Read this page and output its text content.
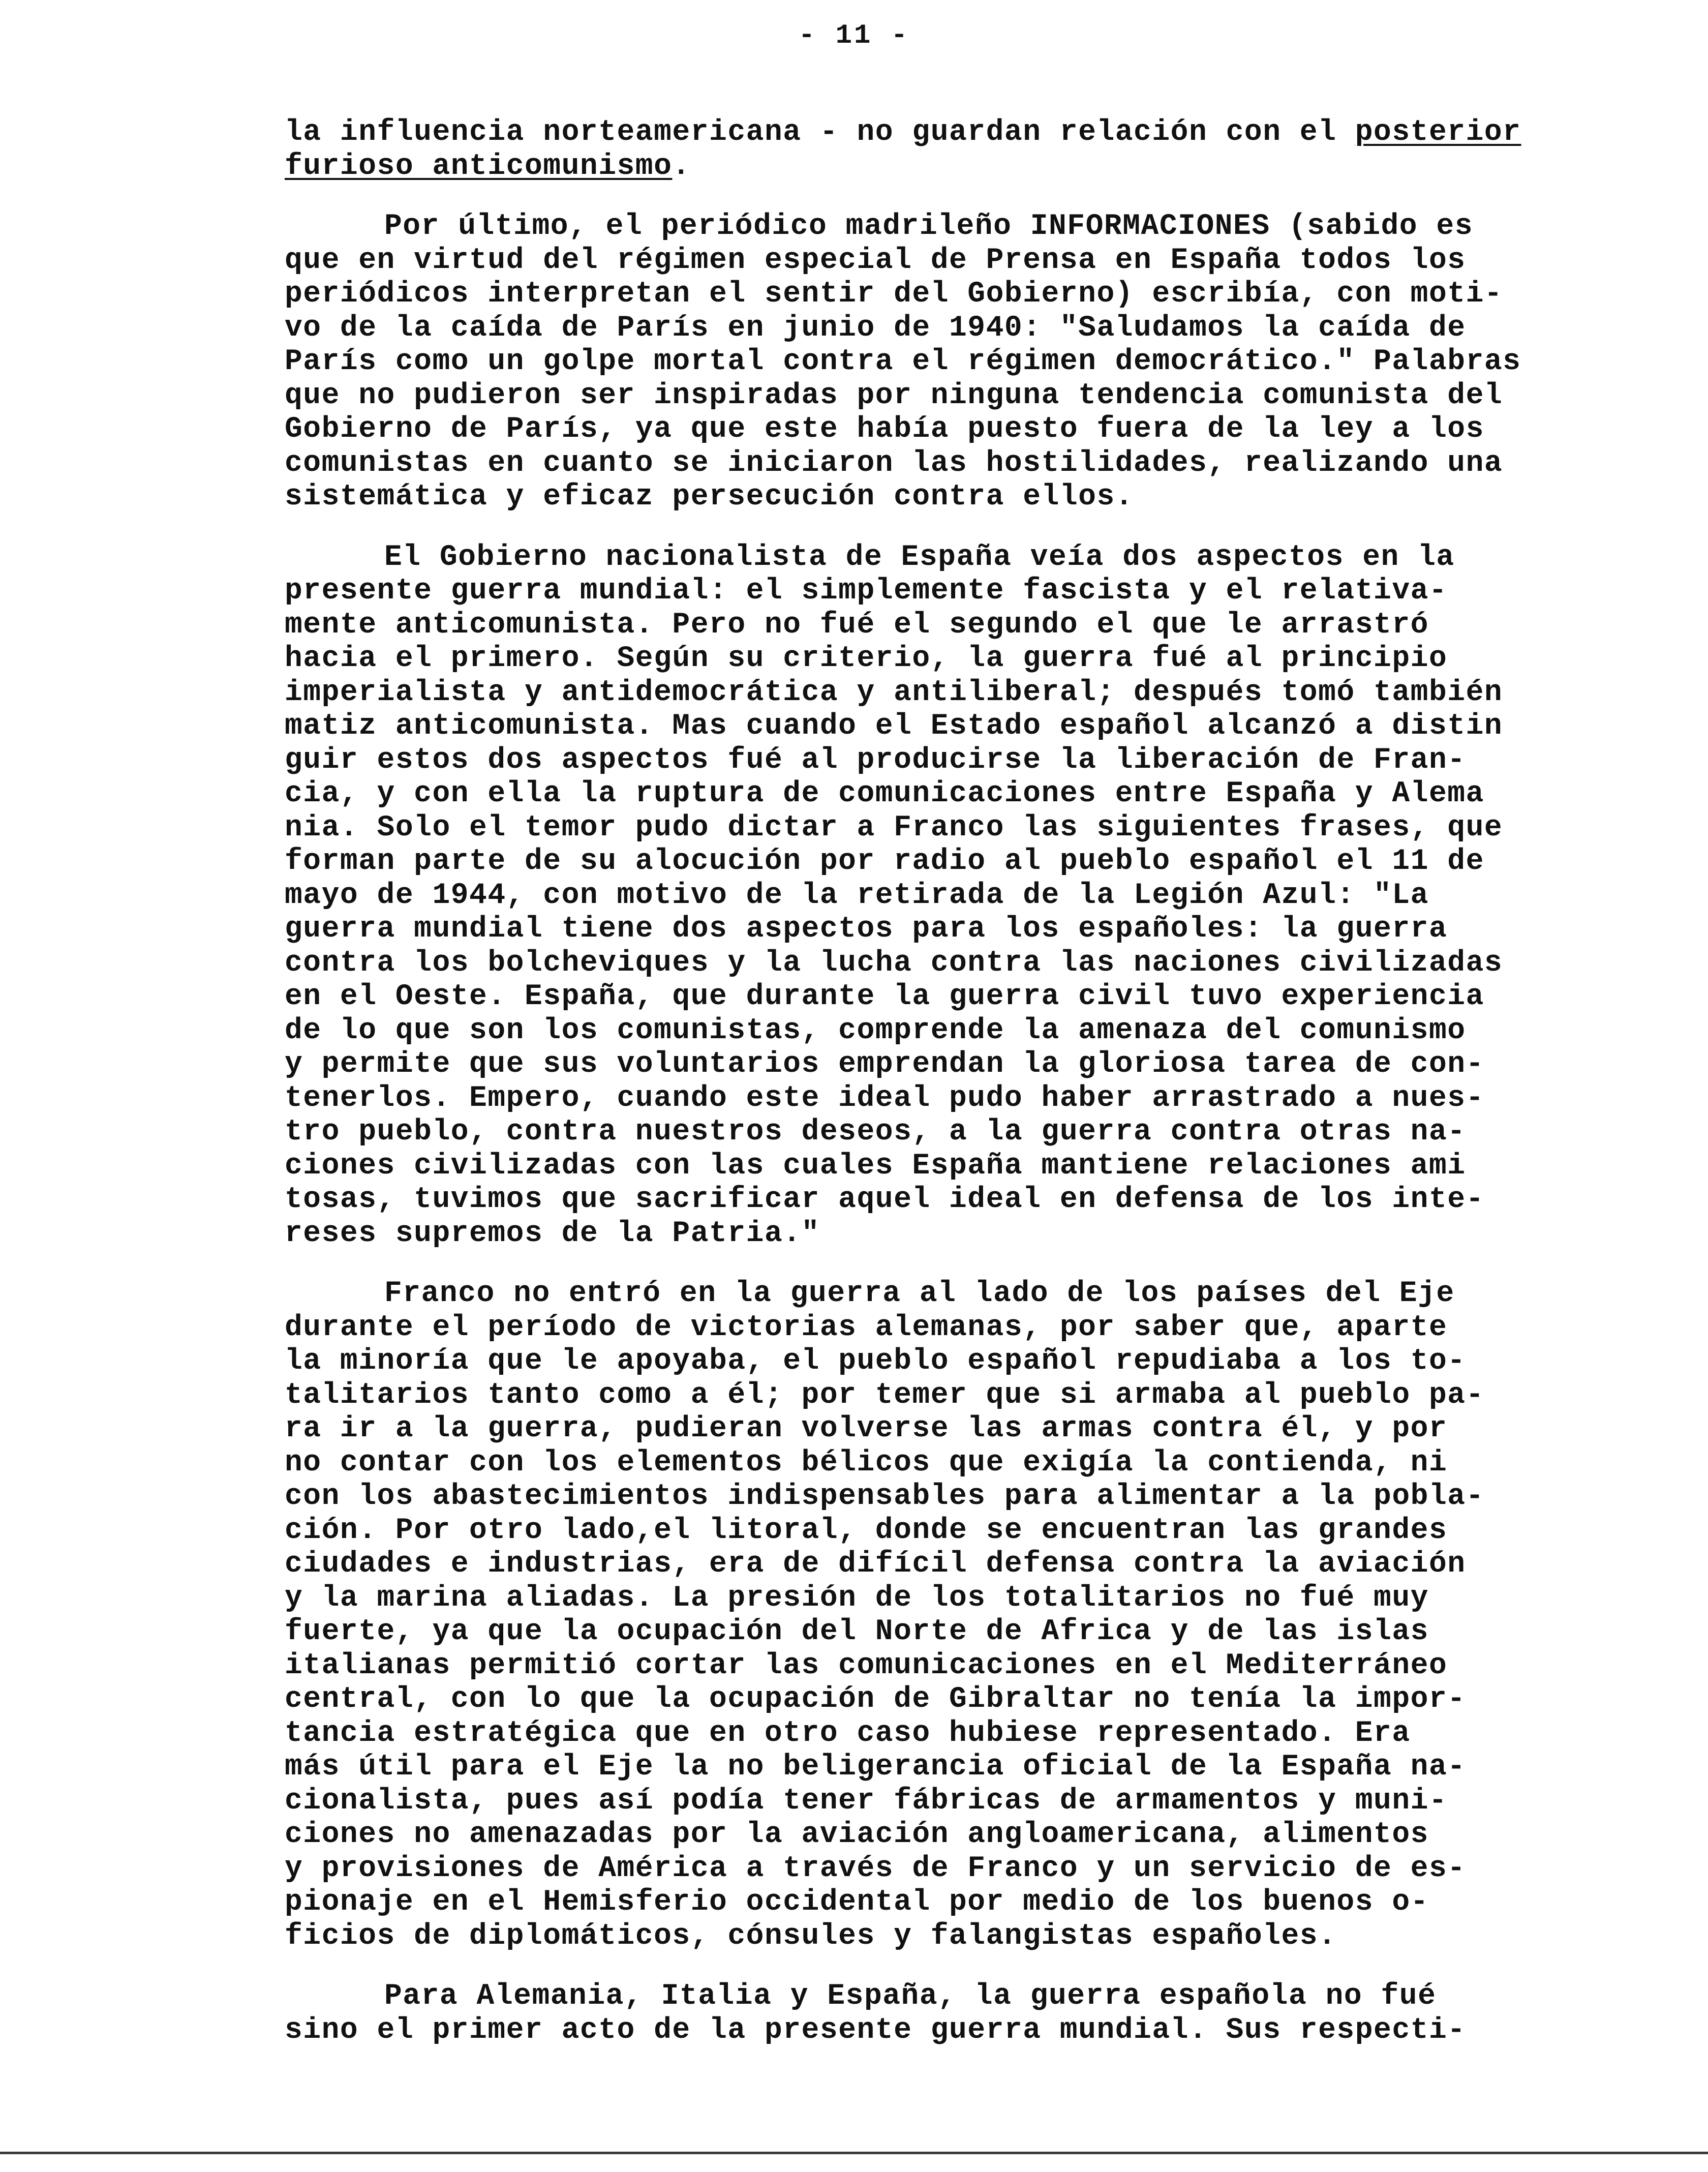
- 11 -
la influencia norteamericana - no guardan relación con el posterior
furioso anticomunismo.
Por último, el periódico madrileño INFORMACIONES (sabido es
que en virtud del régimen especial de Prensa en España todos los
periódicos interpretan el sentir del Gobierno) escribía, con moti-
vo de la caída de París en junio de 1940: "Saludamos la caída de
París como un golpe mortal contra el régimen democrático." Palabras
que no pudieron ser inspiradas por ninguna tendencia comunista del
Gobierno de París, ya que este había puesto fuera de la ley a los
comunistas en cuanto se iniciaron las hostilidades, realizando una
sistemática y eficaz persecución contra ellos.
El Gobierno nacionalista de España veía dos aspectos en la
presente guerra mundial: el simplemente fascista y el relativa-
mente anticomunista. Pero no fué el segundo el que le arrastró
hacia el primero. Según su criterio, la guerra fué al principio
imperialista y antidemocrática y antiliberal; después tomó también
matiz anticomunista. Mas cuando el Estado español alcanzó a distin
guir estos dos aspectos fué al producirse la liberación de Fran-
cia, y con ella la ruptura de comunicaciones entre España y Alema
nia. Solo el temor pudo dictar a Franco las siguientes frases, que
forman parte de su alocución por radio al pueblo español el 11 de
mayo de 1944, con motivo de la retirada de la Legión Azul: "La
guerra mundial tiene dos aspectos para los españoles: la guerra
contra los bolcheviques y la lucha contra las naciones civilizadas
en el Oeste. España, que durante la guerra civil tuvo experiencia
de lo que son los comunistas, comprende la amenaza del comunismo
y permite que sus voluntarios emprendan la gloriosa tarea de con-
tenerlos. Empero, cuando este ideal pudo haber arrastrado a nues-
tro pueblo, contra nuestros deseos, a la guerra contra otras na-
ciones civilizadas con las cuales España mantiene relaciones ami
tosas, tuvimos que sacrificar aquel ideal en defensa de los inte-
reses supremos de la Patria."
Franco no entró en la guerra al lado de los países del Eje
durante el período de victorias alemanas, por saber que, aparte
la minoría que le apoyaba, el pueblo español repudiaba a los to-
talitarios tanto como a él; por temer que si armaba al pueblo pa-
ra ir a la guerra, pudieran volverse las armas contra él, y por
no contar con los elementos bélicos que exigía la contienda, ni
con los abastecimientos indispensables para alimentar a la pobla-
ción. Por otro lado,el litoral, donde se encuentran las grandes
ciudades e industrias, era de difícil defensa contra la aviación
y la marina aliadas. La presión de los totalitarios no fué muy
fuerte, ya que la ocupación del Norte de Africa y de las islas
italianas permitió cortar las comunicaciones en el Mediterráneo
central, con lo que la ocupación de Gibraltar no tenía la impor-
tancia estratégica que en otro caso hubiese representado. Era
más útil para el Eje la no beligerancia oficial de la España na-
cionalista, pues así podía tener fábricas de armamentos y muni-
ciones no amenazadas por la aviación angloamericana, alimentos
y provisiones de América a través de Franco y un servicio de es-
pionaje en el Hemisferio occidental por medio de los buenos o-
ficios de diplomáticos, cónsules y falangistas españoles.
Para Alemania, Italia y España, la guerra española no fué
sino el primer acto de la presente guerra mundial. Sus respecti-
